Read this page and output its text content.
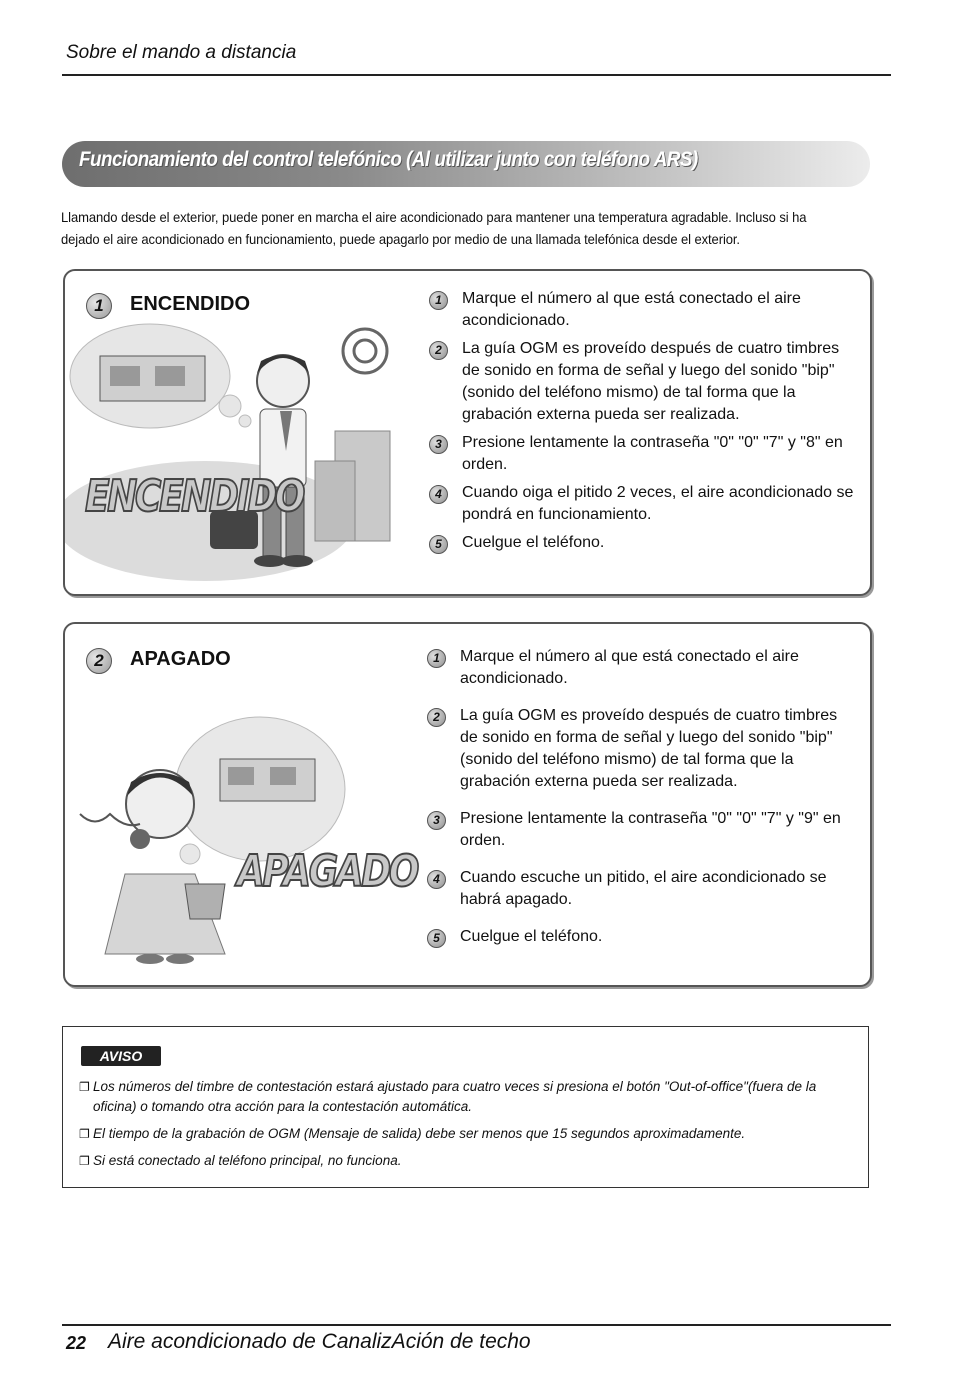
Sobre el mando a distancia
Funcionamiento del control telefónico (Al utilizar junto con teléfono ARS)
Llamando desde el exterior, puede poner en marcha el aire acondicionado para mantener una temperatura agradable. Incluso si ha dejado el aire acondicionado en funcionamiento, puede apagarlo por medio de una llamada telefónica desde el exterior.
1	ENCENDIDO
ENCENDIDO
1	Marque el número al que está conectado el aire acondicionado.
2	La guía OGM es proveído después de cuatro timbres de sonido en forma de señal y luego del sonido "bip"(sonido del teléfono mismo) de tal forma que la grabación externa pueda ser realizada.
3	Presione lentamente la contraseña "0" "0" "7" y "8" en orden.
4	Cuando oiga el pitido 2 veces, el aire acondicionado se pondrá en funcionamiento.
5	Cuelgue el teléfono.
2	APAGADO
APAGADO
1	Marque el número al que está conectado el aire acondicionado.
2	La guía OGM es proveído después de cuatro timbres de sonido en forma de señal y luego del sonido "bip"(sonido del teléfono mismo) de tal forma que la grabación externa pueda ser realizada.
3	Presione lentamente la contraseña "0" "0" "7" y "9" en orden.
4	Cuando escuche un pitido, el aire acondicionado se habrá apagado.
5	Cuelgue el teléfono.
AVISO
❐ Los números del timbre de contestación estará ajustado para cuatro veces si presiona el botón "Out-of-office"(fuera de la oficina) o tomando otra acción para la contestación automática.
❐ El tiempo de la grabación de OGM (Mensaje de salida) debe ser menos que 15 segundos aproximadamente.
❐ Si está conectado al teléfono principal, no funciona.
22 Aire acondicionado de CanalizAción de techo
